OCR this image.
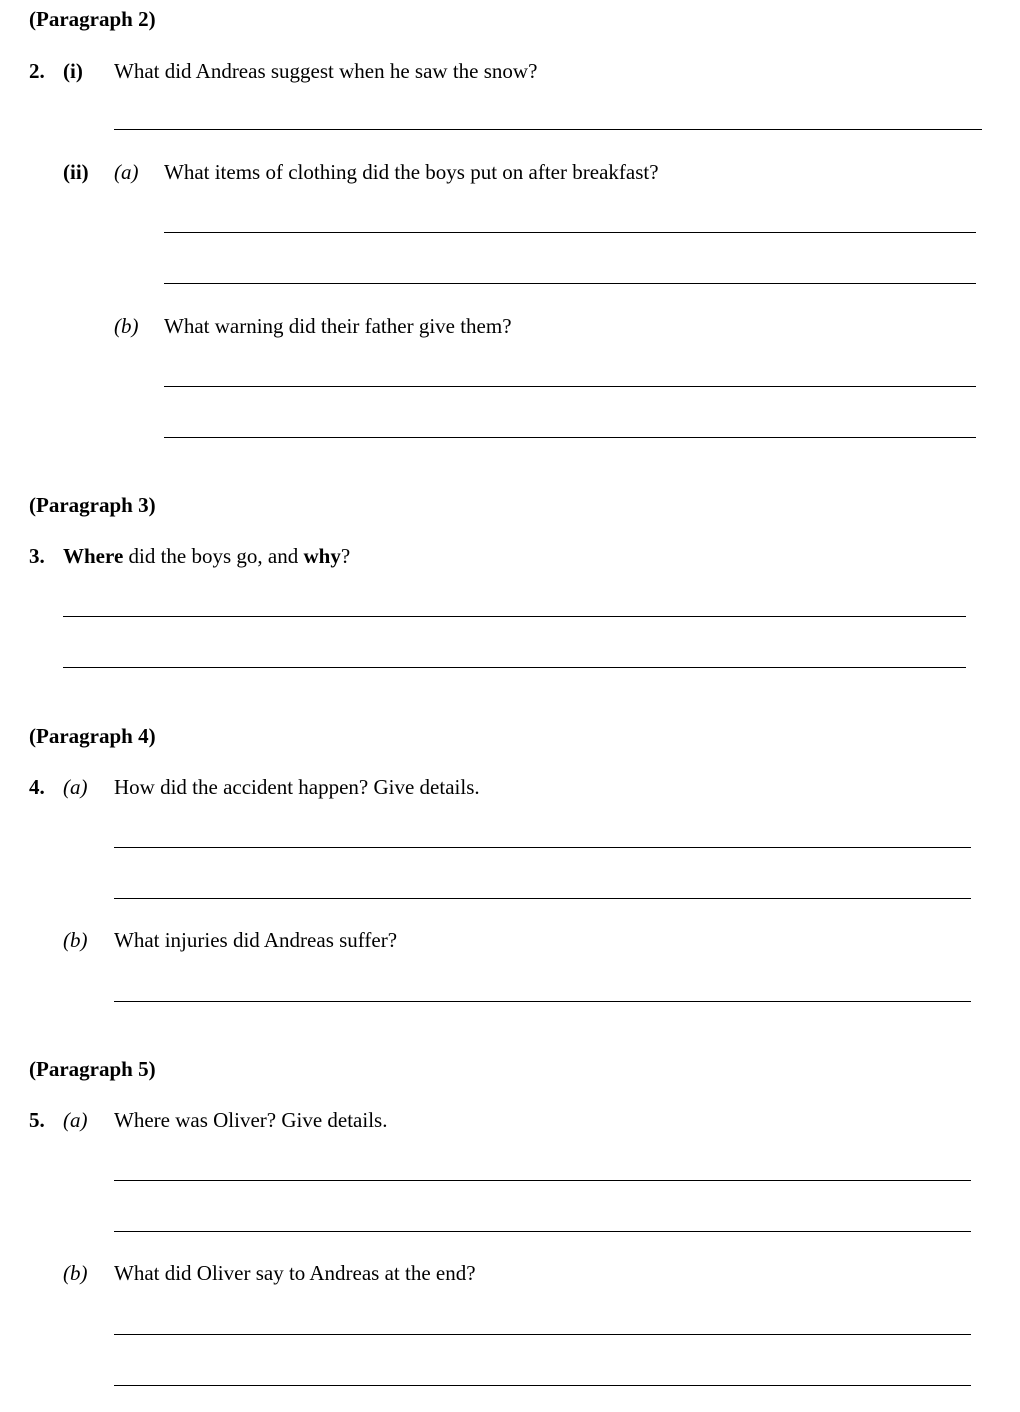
(Paragraph 2)
2. (i) What did Andreas suggest when he saw the snow?
(ii) (a) What items of clothing did the boys put on after breakfast?
(b) What warning did their father give them?
(Paragraph 3)
3. Where did the boys go, and why?
(Paragraph 4)
4. (a) How did the accident happen? Give details.
(b) What injuries did Andreas suffer?
(Paragraph 5)
5. (a) Where was Oliver? Give details.
(b) What did Oliver say to Andreas at the end?
